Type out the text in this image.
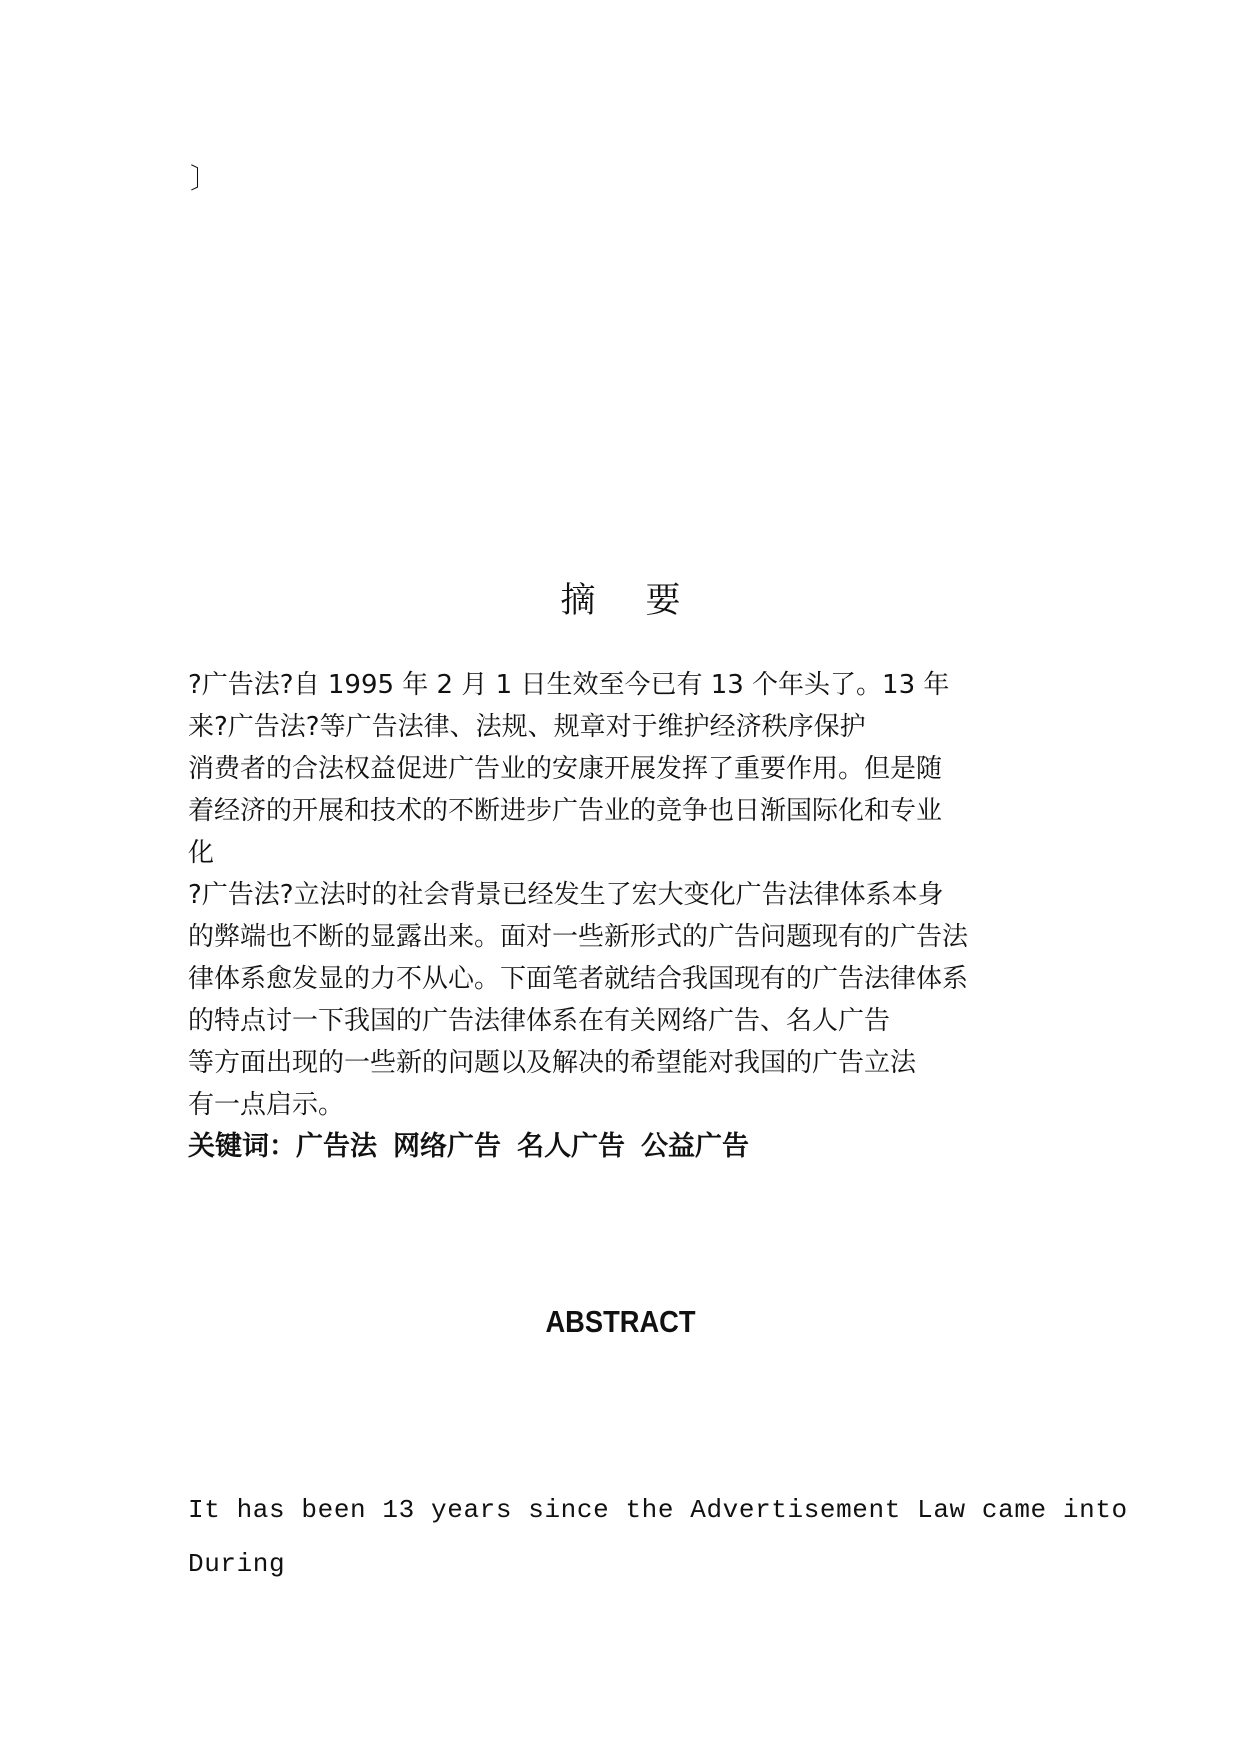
〕
摘要

?广告法?自 1995 年 2 月 1 日生效至今已有 13 个年头了。13 年

来?广告法?等广告法律、法规、规章对于维护经济秩序保护

消费者的合法权益促进广告业的安康开展发挥了重要作用。但是随

着经济的开展和技术的不断进步广告业的竞争也日渐国际化和专业

化

?广告法?立法时的社会背景已经发生了宏大变化广告法律体系本身

的弊端也不断的显露出来。面对一些新形式的广告问题现有的广告法

律体系愈发显的力不从心。下面笔者就结合我国现有的广告法律体系

的特点讨一下我国的广告法律体系在有关网络广告、名人广告

等方面出现的一些新的问题以及解决的希望能对我国的广告立法

有一点启示。

关键词：广告法 网络广告 名人广告 公益广告

ABSTRACT

It has been 13 years since the Advertisement Law came into

During
